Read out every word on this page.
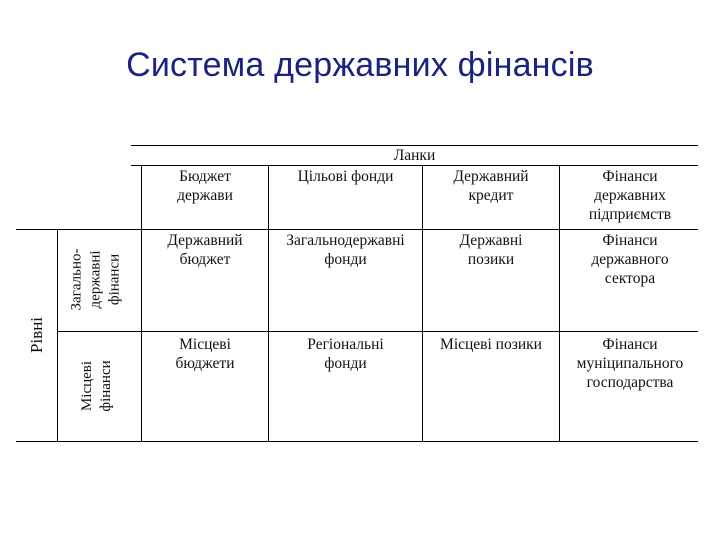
Система державних фінансів
Ланки
Бюджет
держави
Цільові фонди	Державний
кредит
Фінанси
державних
підприємств
Рівні
Загально-
державні
фінанси
Місцеві
фінанси
Державний
бюджет
Загальнодержавні
фонди
Державні
позики
Фінанси
державного
сектора
Місцеві
бюджети
Регіональні
фонди
Місцеві позики	Фінанси
муніципального
господарства
